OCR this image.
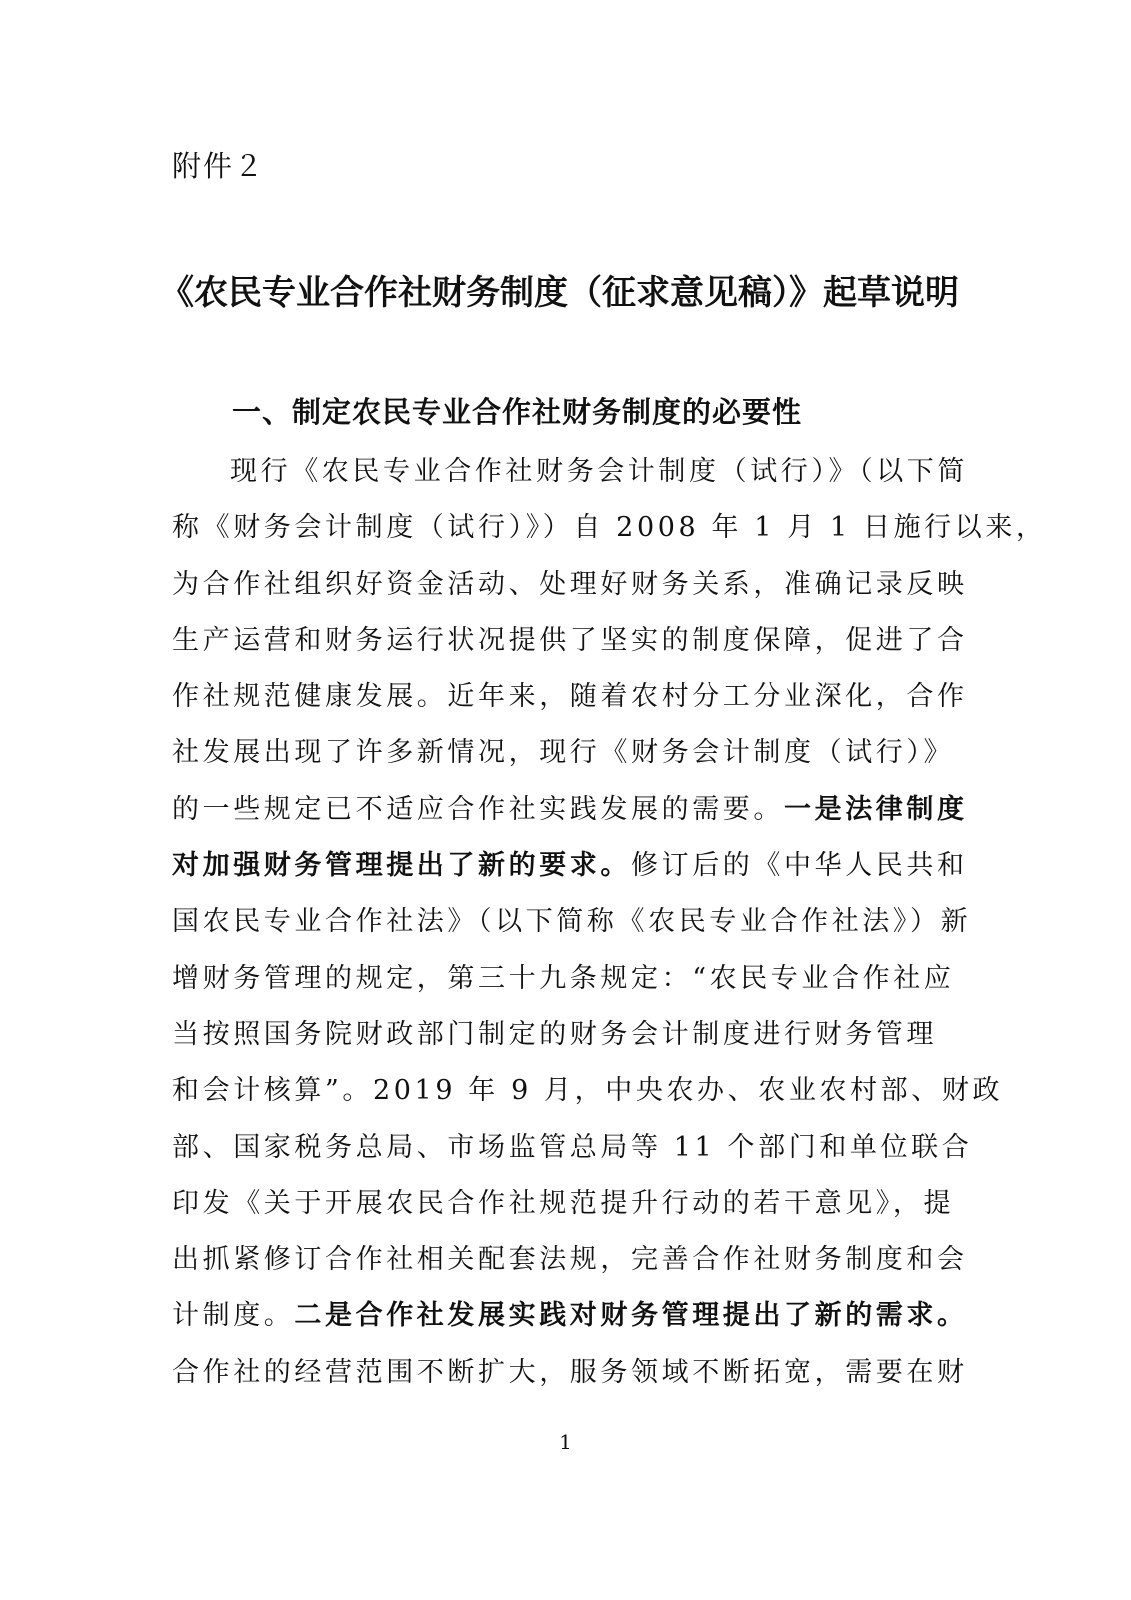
附件２
《农民专业合作社财务制度（征求意见稿）》起草说明
一、制定农民专业合作社财务制度的必要性
现行《农民专业合作社财务会计制度（试行）》（以下简
称《财务会计制度（试行）》）自 2008 年 1 月 1 日施行以来，
为合作社组织好资金活动、处理好财务关系，准确记录反映
生产运营和财务运行状况提供了坚实的制度保障，促进了合
作社规范健康发展。近年来，随着农村分工分业深化，合作
社发展出现了许多新情况，现行《财务会计制度（试行）》
的一些规定已不适应合作社实践发展的需要。一是法律制度
对加强财务管理提出了新的要求。修订后的《中华人民共和
国农民专业合作社法》（以下简称《农民专业合作社法》）新
增财务管理的规定，第三十九条规定：“农民专业合作社应
当按照国务院财政部门制定的财务会计制度进行财务管理
和会计核算”。2019 年 9 月，中央农办、农业农村部、财政
部、国家税务总局、市场监管总局等 11 个部门和单位联合
印发《关于开展农民合作社规范提升行动的若干意见》，提
出抓紧修订合作社相关配套法规，完善合作社财务制度和会
计制度。二是合作社发展实践对财务管理提出了新的需求。
合作社的经营范围不断扩大，服务领域不断拓宽，需要在财
1
